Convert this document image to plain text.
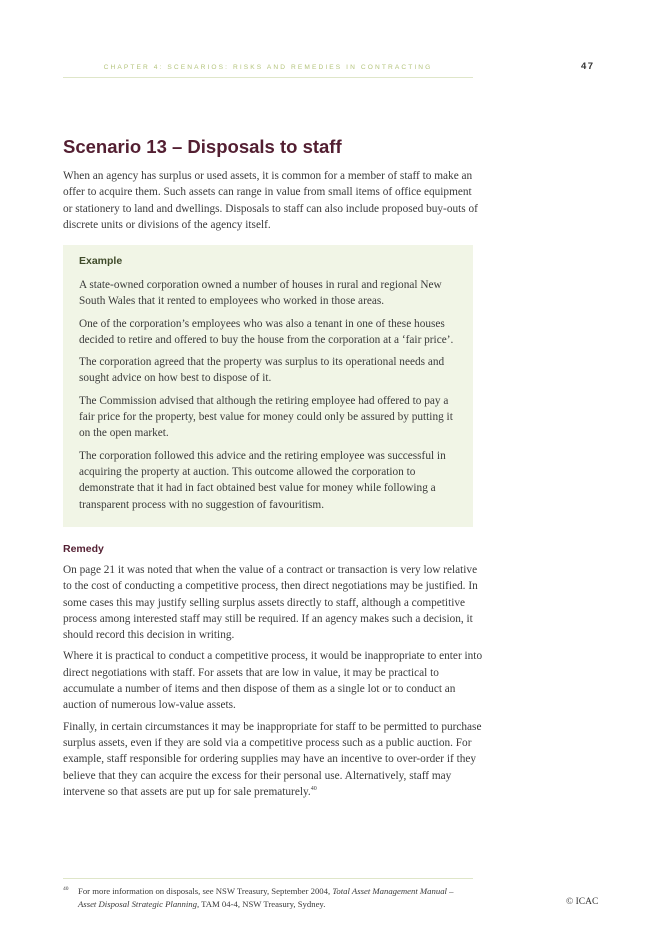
CHAPTER 4: SCENARIOS: RISKS AND REMEDIES IN CONTRACTING	47
Scenario 13 – Disposals to staff

When an agency has surplus or used assets, it is common for a member of staff to make an offer to acquire them. Such assets can range in value from small items of office equipment or stationery to land and dwellings. Disposals to staff can also include proposed buy-outs of discrete units or divisions of the agency itself.

Example

A state-owned corporation owned a number of houses in rural and regional New South Wales that it rented to employees who worked in those areas.

One of the corporation’s employees who was also a tenant in one of these houses decided to retire and offered to buy the house from the corporation at a ‘fair price’.

The corporation agreed that the property was surplus to its operational needs and sought advice on how best to dispose of it.

The Commission advised that although the retiring employee had offered to pay a fair price for the property, best value for money could only be assured by putting it on the open market.

The corporation followed this advice and the retiring employee was successful in acquiring the property at auction. This outcome allowed the corporation to demonstrate that it had in fact obtained best value for money while following a transparent process with no suggestion of favouritism.

Remedy

On page 21 it was noted that when the value of a contract or transaction is very low relative to the cost of conducting a competitive process, then direct negotiations may be justified. In some cases this may justify selling surplus assets directly to staff, although a competitive process among interested staff may still be required. If an agency makes such a decision, it should record this decision in writing.

Where it is practical to conduct a competitive process, it would be inappropriate to enter into direct negotiations with staff. For assets that are low in value, it may be practical to accumulate a number of items and then dispose of them as a single lot or to conduct an auction of numerous low-value assets.

Finally, in certain circumstances it may be inappropriate for staff to be permitted to purchase surplus assets, even if they are sold via a competitive process such as a public auction. For example, staff responsible for ordering supplies may have an incentive to over-order if they believe that they can acquire the excess for their personal use. Alternatively, staff may intervene so that assets are put up for sale prematurely.$^{40}$

40	For more information on disposals, see NSW Treasury, September 2004, Total Asset Management Manual – Asset Disposal Strategic Planning, TAM 04-4, NSW Treasury, Sydney.	© ICAC
